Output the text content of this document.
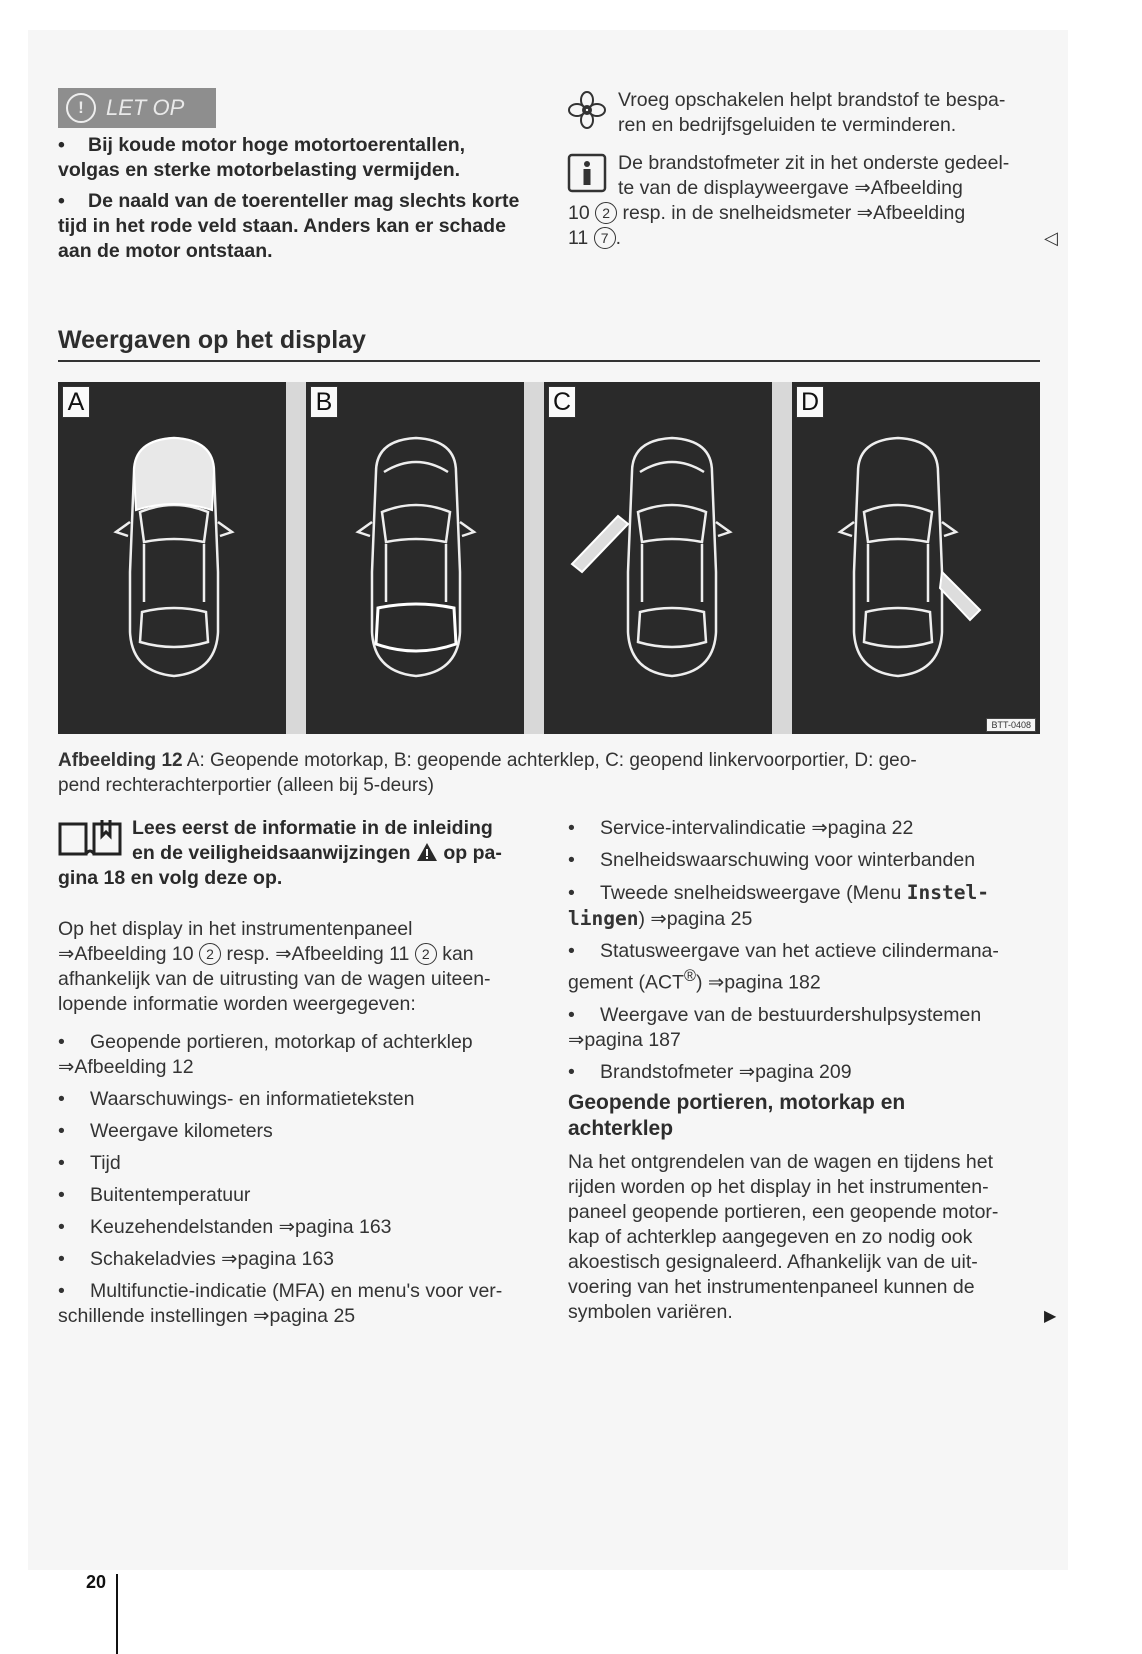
!	LET OP

• Bij koude motor hoge motortoerentallen, volgas en sterke motorbelasting vermijden.

• De naald van de toerenteller mag slechts korte tijd in het rode veld staan. Anders kan er schade aan de motor ontstaan.

Vroeg opschakelen helpt brandstof te bespa-
ren en bedrijfsgeluiden te verminderen.
De brandstofmeter zit in het onderste gedeel-
te van de displayweergave ⇒Afbeelding
10 2 resp. in de snelheidsmeter ⇒Afbeelding
11 7 .	◁
Weergaven op het display
A	B	C	D
BTT-0408
Afbeelding 12 A: Geopende motorkap, B: geopende achterklep, C: geopend linkervoorportier, D: geo-
pend rechterachterportier (alleen bij 5-deurs)
Lees eerst de informatie in de inleiding
en de veiligheidsaanwijzingen  op pa-
gina 18 en volg deze op.
Op het display in het instrumentenpaneel
⇒Afbeelding 10 2 resp. ⇒Afbeelding 11 2 kan
afhankelijk van de uitrusting van de wagen uiteen-
lopende informatie worden weergegeven:
• Geopende portieren, motorkap of achterklep
⇒Afbeelding 12
• Waarschuwings- en informatieteksten
• Weergave kilometers
• Tijd
• Buitentemperatuur
• Keuzehendelstanden ⇒pagina 163
• Schakeladvies ⇒pagina 163
• Multifunctie-indicatie (MFA) en menu's voor ver-
schillende instellingen ⇒pagina 25
• Service-intervalindicatie ⇒pagina 22
• Snelheidswaarschuwing voor winterbanden
• Tweede snelheidsweergave (Menu Instel-
lingen) ⇒pagina 25
• Statusweergave van het actieve cilindermana-
gement (ACT®) ⇒pagina 182
• Weergave van de bestuurdershulpsystemen
⇒pagina 187
• Brandstofmeter ⇒pagina 209
Geopende portieren, motorkap en
achterklep
Na het ontgrendelen van de wagen en tijdens het
rijden worden op het display in het instrumenten-
paneel geopende portieren, een geopende motor-
kap of achterklep aangegeven en zo nodig ook
akoestisch gesignaleerd. Afhankelijk van de uit-
voering van het instrumentenpaneel kunnen de
symbolen variëren.	▶
20
